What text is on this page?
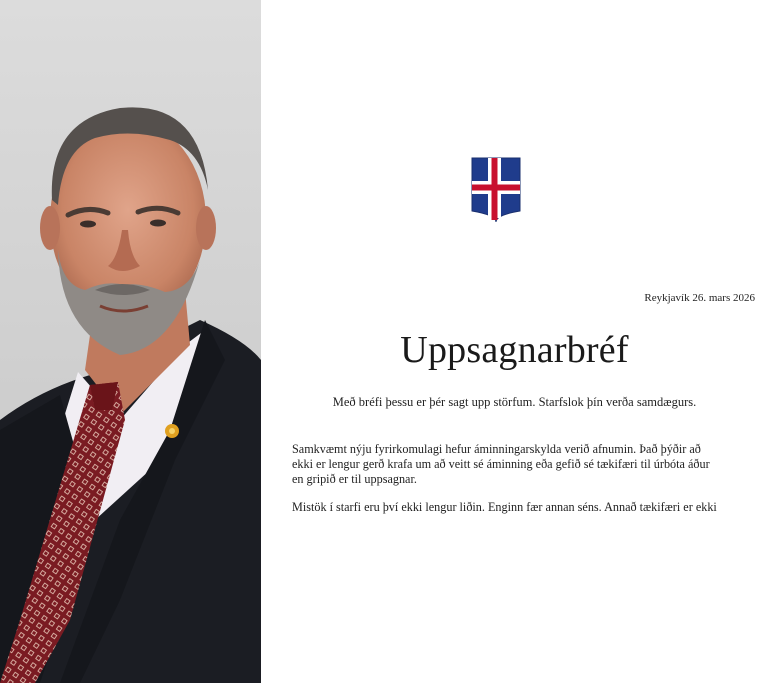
Reykjavík 26. mars 2026
Uppsagnarbréf

Með bréfi þessu er þér sagt upp störfum. Starfslok þín verða samdægurs.

Samkvæmt nýju fyrirkomulagi hefur áminningarskylda verið afnumin. Það þýðir að ekki er lengur gerð krafa um að veitt sé áminning eða gefið sé tækifæri til úrbóta áður en gripið er til uppsagnar.

Mistök í starfi eru því ekki lengur liðin. Enginn fær annan séns. Annað tækifæri er ekki
